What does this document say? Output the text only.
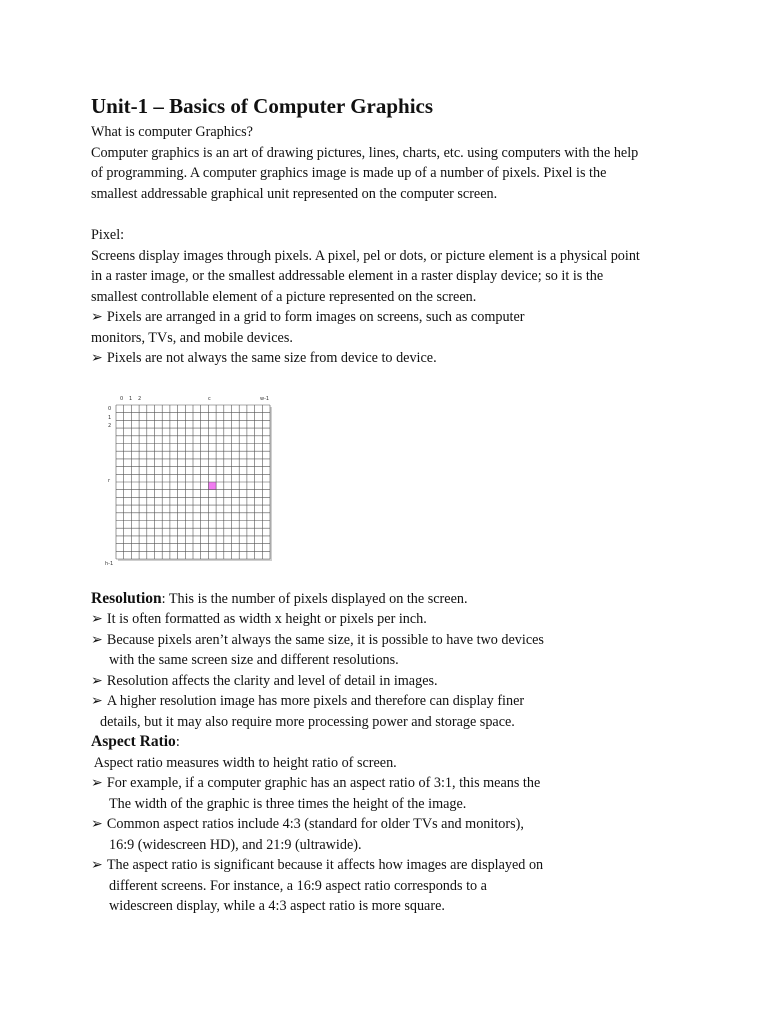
Unit-1 – Basics of Computer Graphics
What is computer Graphics?
Computer graphics is an art of drawing pictures, lines, charts, etc. using computers with the help
of programming. A computer graphics image is made up of a number of pixels. Pixel is the
smallest addressable graphical unit represented on the computer screen.
Pixel:
Screens display images through pixels. A pixel, pel or dots, or picture element is a physical point
in a raster image, or the smallest addressable element in a raster display device; so it is the
smallest controllable element of a picture represented on the screen.
➢ Pixels are arranged in a grid to form images on screens, such as computer
monitors, TVs, and mobile devices.
➢ Pixels are not always the same size from device to device.
0 1 2	c	w-1
0
1
2
r
h-1
Resolution: This is the number of pixels displayed on the screen.
➢ It is often formatted as width x height or pixels per inch.
➢ Because pixels aren’t always the same size, it is possible to have two devices
with the same screen size and different resolutions.
➢ Resolution affects the clarity and level of detail in images.
➢ A higher resolution image has more pixels and therefore can display finer
details, but it may also require more processing power and storage space.
Aspect Ratio:
Aspect ratio measures width to height ratio of screen.
➢ For example, if a computer graphic has an aspect ratio of 3:1, this means the
The width of the graphic is three times the height of the image.
➢ Common aspect ratios include 4:3 (standard for older TVs and monitors),
16:9 (widescreen HD), and 21:9 (ultrawide).
➢ The aspect ratio is significant because it affects how images are displayed on
different screens. For instance, a 16:9 aspect ratio corresponds to a
widescreen display, while a 4:3 aspect ratio is more square.
